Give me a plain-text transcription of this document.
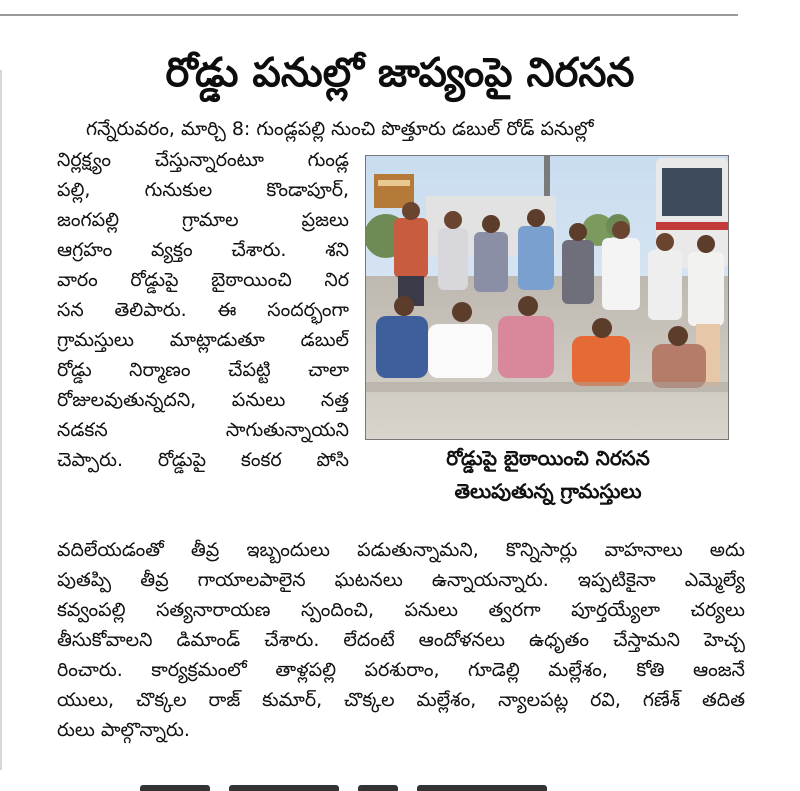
రోడ్డు పనుల్లో జాప్యంపై నిరసన
గన్నేరువరం, మార్చి 8: గుండ్లపల్లి నుంచి పొత్తూరు డబుల్ రోడ్ పనుల్లో
నిర్లక్ష్యం చేస్తున్నారంటూ గుండ్ల
పల్లి, గునుకుల కొండాపూర్,
జంగపల్లి గ్రామాల ప్రజలు
ఆగ్రహం వ్యక్తం చేశారు. శని
వారం రోడ్డుపై బైఠాయించి నిర
సన తెలిపారు. ఈ సందర్భంగా
గ్రామస్తులు మాట్లాడుతూ డబుల్
రోడ్డు నిర్మాణం చేపట్టి చాలా
రోజులవుతున్నదని, పనులు నత్త
నడకన సాగుతున్నాయని
చెప్పారు. రోడ్డుపై కంకర పోసి	రోడ్డుపై బైఠాయించి నిరసన
తెలుపుతున్న గ్రామస్తులు
వదిలేయడంతో తీవ్ర ఇబ్బందులు పడుతున్నామని, కొన్నిసార్లు వాహనాలు అదు
పుతప్పి తీవ్ర గాయాలపాలైన ఘటనలు ఉన్నాయన్నారు. ఇప్పటికైనా ఎమ్మెల్యే
కవ్వంపల్లి సత్యనారాయణ స్పందించి, పనులు త్వరగా పూర్తయ్యేలా చర్యలు
తీసుకోవాలని డిమాండ్ చేశారు. లేదంటే ఆందోళనలు ఉధృతం చేస్తామని హెచ్చ
రించారు. కార్యక్రమంలో తాళ్లపల్లి పరశురాం, గూడెల్లి మల్లేశం, కోతి ఆంజనే
యులు, చొక్కల రాజ్ కుమార్, చొక్కల మల్లేశం, న్యాలపట్ల రవి, గణేశ్ తదిత
రులు పాల్గొన్నారు.
